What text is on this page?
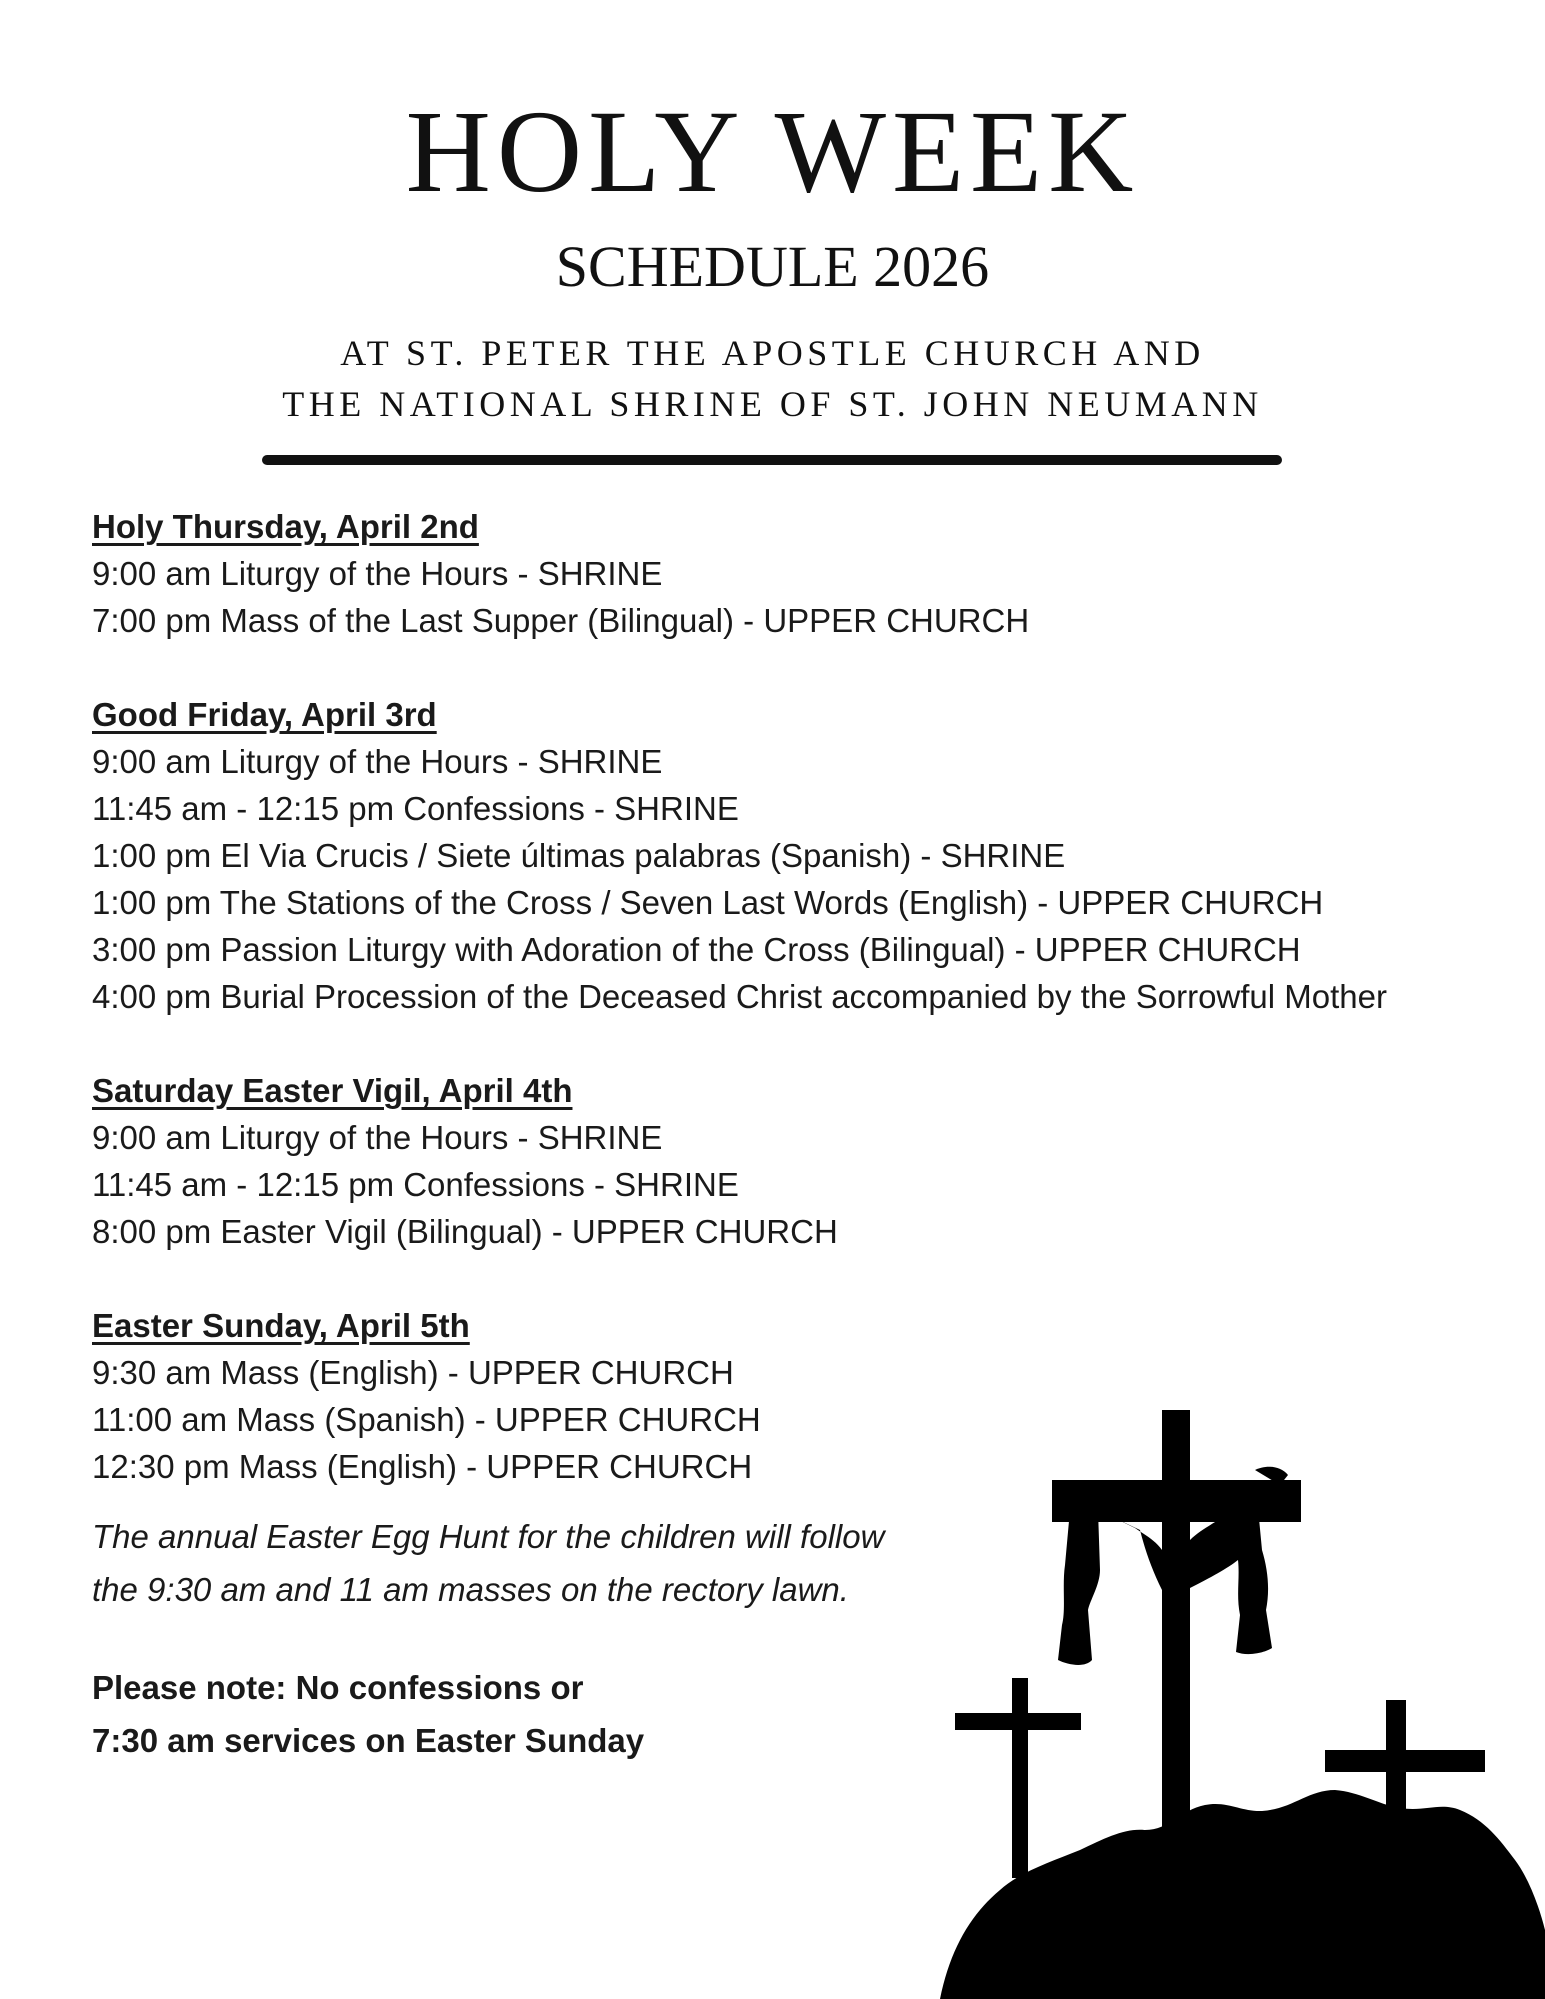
HOLY WEEK
SCHEDULE 2026
AT ST. PETER THE APOSTLE CHURCH AND
THE NATIONAL SHRINE OF ST. JOHN NEUMANN
Holy Thursday, April 2nd
9:00 am Liturgy of the Hours - SHRINE
7:00 pm Mass of the Last Supper (Bilingual) - UPPER CHURCH
Good Friday, April 3rd
9:00 am Liturgy of the Hours - SHRINE
11:45 am - 12:15 pm Confessions - SHRINE
1:00 pm El Via Crucis / Siete últimas palabras (Spanish) - SHRINE
1:00 pm The Stations of the Cross / Seven Last Words (English) - UPPER CHURCH
3:00 pm Passion Liturgy with Adoration of the Cross (Bilingual) - UPPER CHURCH
4:00 pm Burial Procession of the Deceased Christ accompanied by the Sorrowful Mother
Saturday Easter Vigil, April 4th
9:00 am Liturgy of the Hours - SHRINE
11:45 am - 12:15 pm Confessions - SHRINE
8:00 pm Easter Vigil (Bilingual) - UPPER CHURCH
Easter Sunday, April 5th
9:30 am Mass (English) - UPPER CHURCH
11:00 am Mass (Spanish) - UPPER CHURCH
12:30 pm Mass (English) - UPPER CHURCH
The annual Easter Egg Hunt for the children will follow
the 9:30 am and 11 am masses on the rectory lawn.
Please note: No confessions or
7:30 am services on Easter Sunday
